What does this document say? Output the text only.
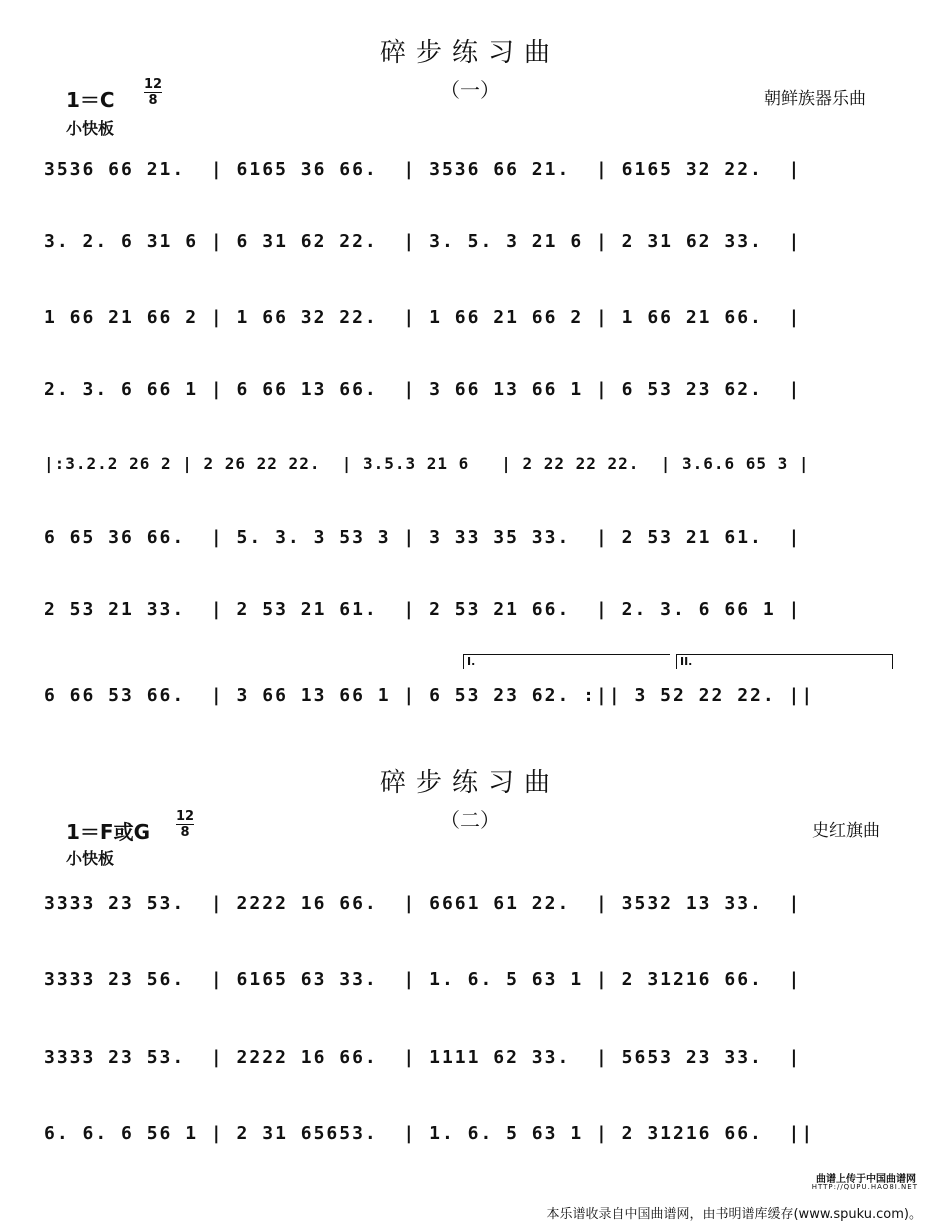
碎步练习曲
（一）
1＝C
12
8	朝鲜族器乐曲
小快板
3536 66 21.  | 6165 36 66.  | 3536 66 21.  | 6165 32 22.  |
3. 2. 6 31 6 | 6 31 62 22.  | 3. 5. 3 21 6 | 2 31 62 33.  |
1 66 21 66 2 | 1 66 32 22.  | 1 66 21 66 2 | 1 66 21 66.  |
2. 3. 6 66 1 | 6 66 13 66.  | 3 66 13 66 1 | 6 53 23 62.  |
|:3.2.2 26 2 | 2 26 22 22.  | 3.5.3 21 6   | 2 22 22 22.  | 3.6.6 65 3 |
6 65 36 66.  | 5. 3. 3 53 3 | 3 33 35 33.  | 2 53 21 61.  |
2 53 21 33.  | 2 53 21 61.  | 2 53 21 66.  | 2. 3. 6 66 1 |
I.	II.
6 66 53 66.  | 3 66 13 66 1 | 6 53 23 62. :|| 3 52 22 22. ||
碎步练习曲
（二）
1＝F或G
12
8	史红旗曲
小快板
3333 23 53.  | 2222 16 66.  | 6661 61 22.  | 3532 13 33.  |
3333 23 56.  | 6165 63 33.  | 1. 6. 5 63 1 | 2 31216 66.  |
3333 23 53.  | 2222 16 66.  | 1111 62 33.  | 5653 23 33.  |
6. 6. 6 56 1 | 2 31 65653.  | 1. 6. 5 63 1 | 2 31216 66.  ||
曲谱上传于中国曲谱网
HTTP://QUPU.HAO8I.NET
本乐谱收录自中国曲谱网，由书明谱库缓存(www.spuku.com)。
